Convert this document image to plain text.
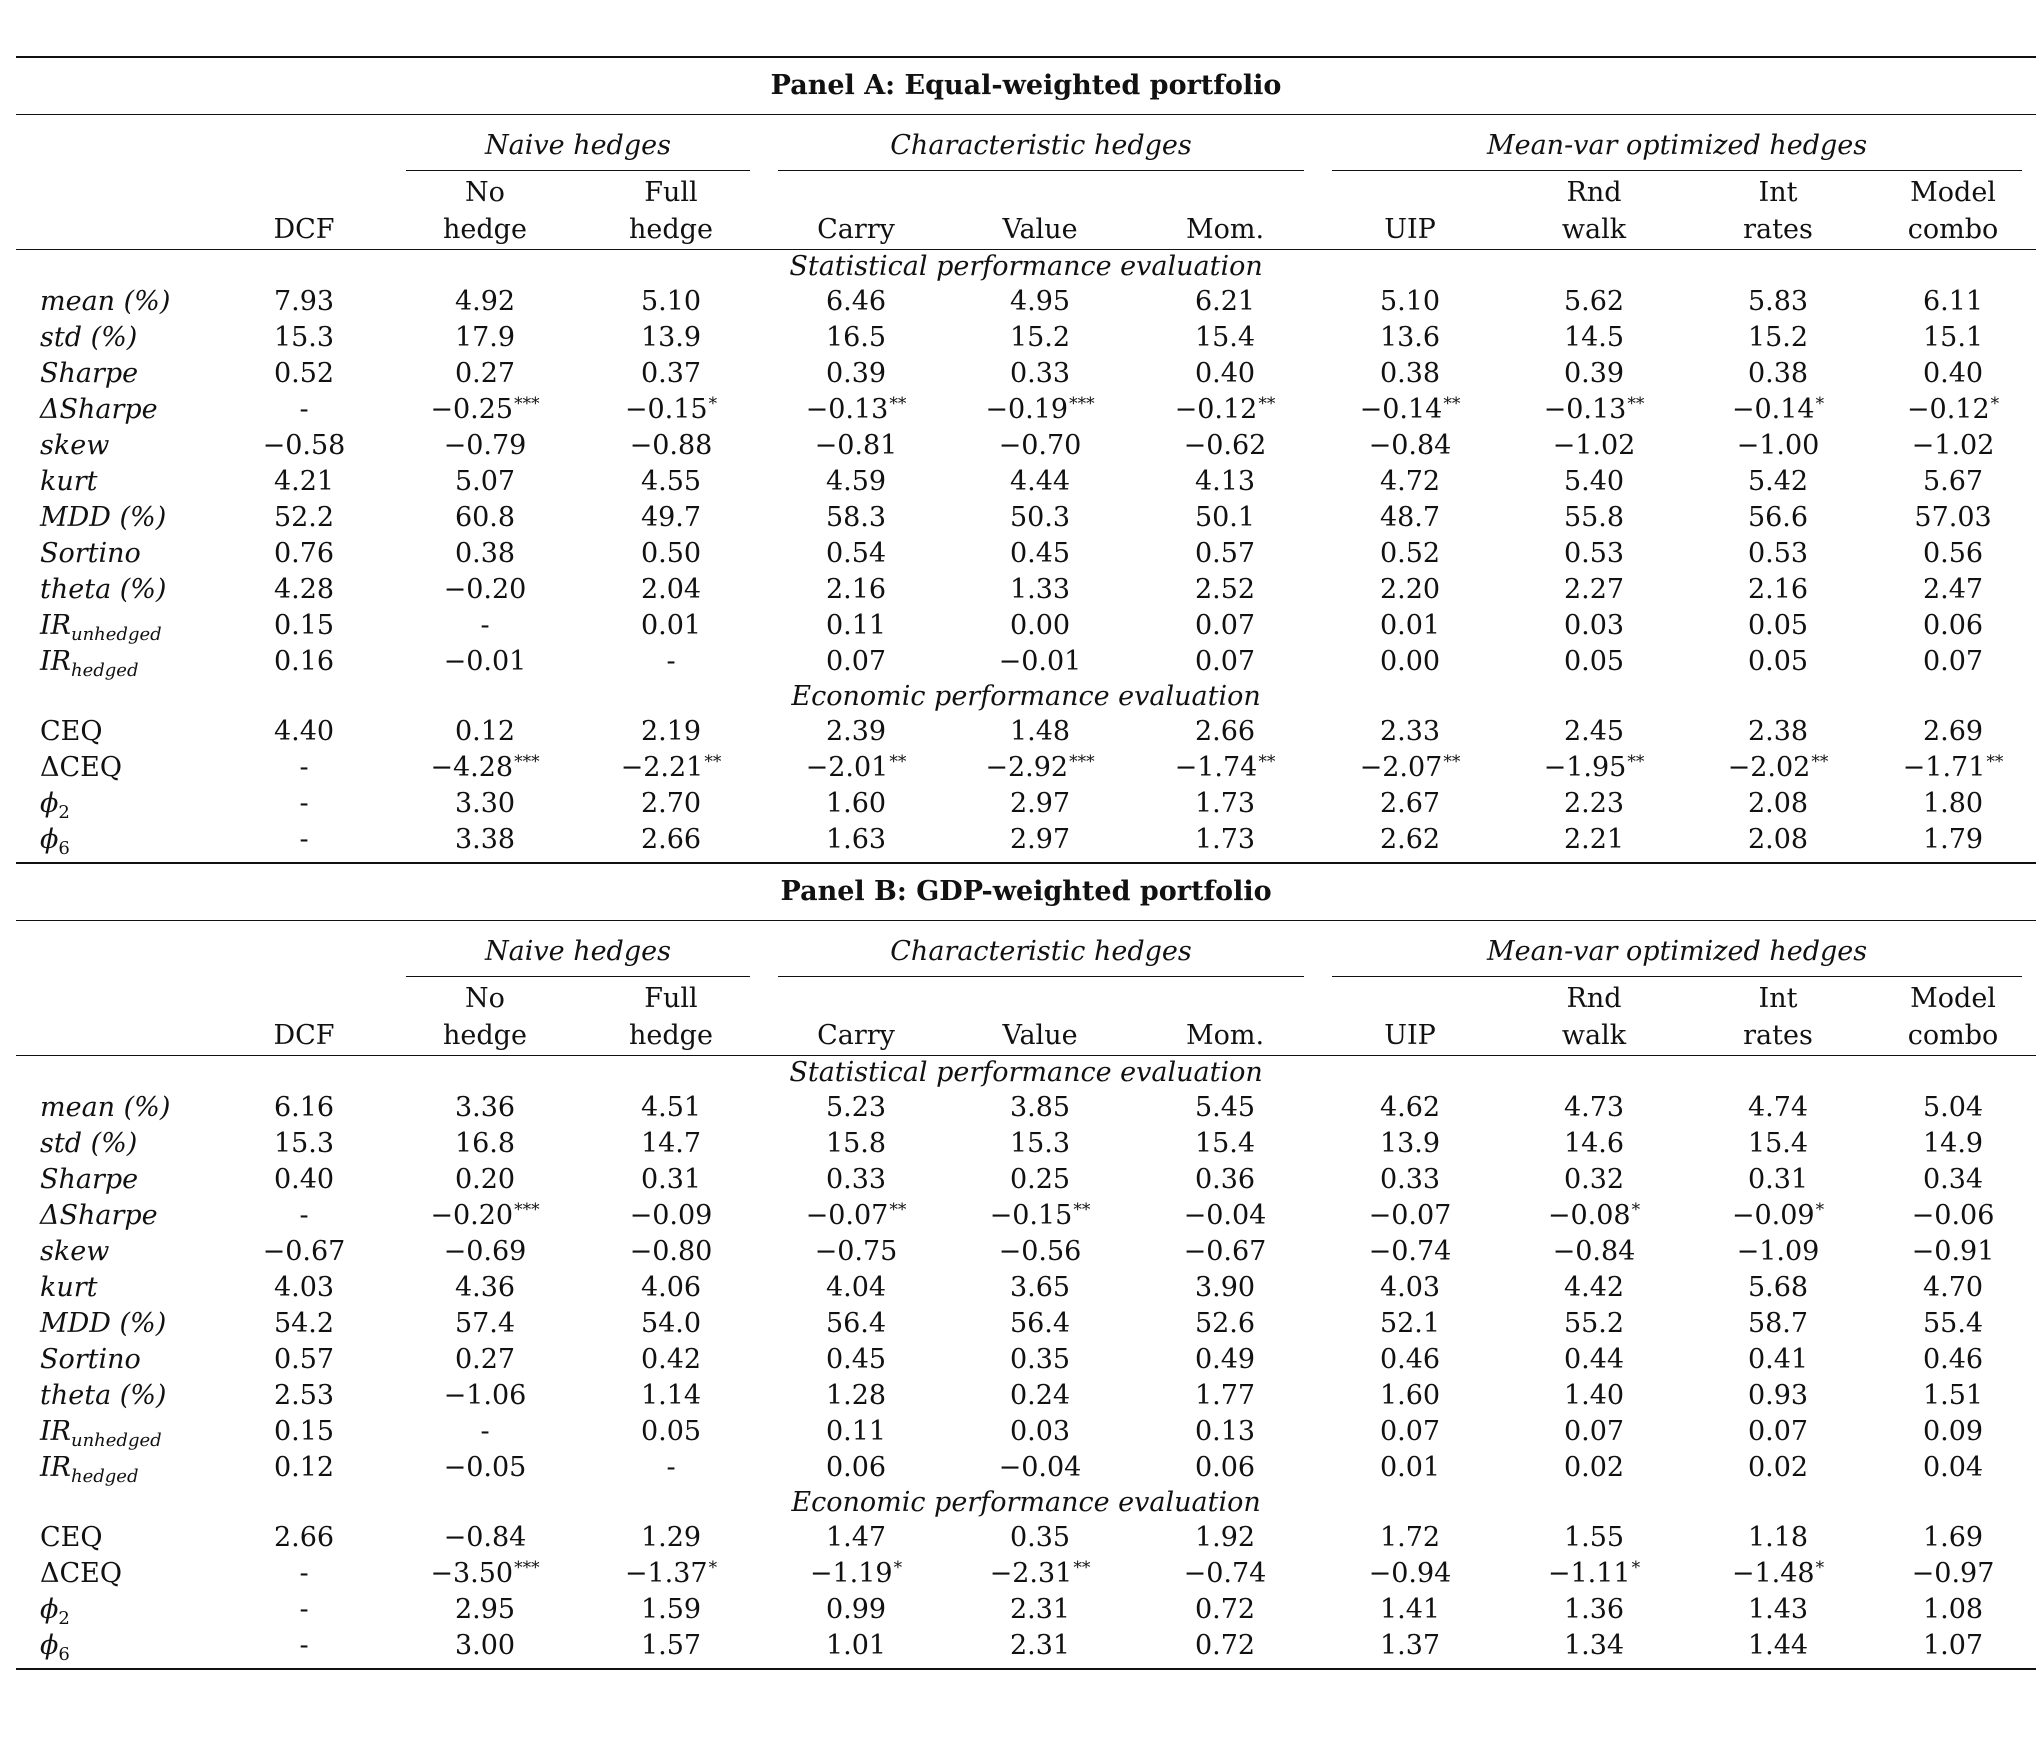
Panel A: Equal-weighted portfolio										

		Naive hedges		Characteristic hedges			Mean-var optimized hedges			

		No	Full					Rnd	Int	Model
	DCF	hedge	hedge	Carry	Value	Mom.	UIP	walk	rates	combo
Statistical performance evaluation										
mean (%)	7.93	4.92	5.10	6.46	4.95	6.21	5.10	5.62	5.83	6.11
std (%)	15.3	17.9	13.9	16.5	15.2	15.4	13.6	14.5	15.2	15.1
Sharpe	0.52	0.27	0.37	0.39	0.33	0.40	0.38	0.39	0.38	0.40
ΔSharpe	-	−0.25***	−0.15*	−0.13**	−0.19***	−0.12**	−0.14**	−0.13**	−0.14*	−0.12*
skew	−0.58	−0.79	−0.88	−0.81	−0.70	−0.62	−0.84	−1.02	−1.00	−1.02
kurt	4.21	5.07	4.55	4.59	4.44	4.13	4.72	5.40	5.42	5.67
MDD (%)	52.2	60.8	49.7	58.3	50.3	50.1	48.7	55.8	56.6	57.03
Sortino	0.76	0.38	0.50	0.54	0.45	0.57	0.52	0.53	0.53	0.56
theta (%)	4.28	−0.20	2.04	2.16	1.33	2.52	2.20	2.27	2.16	2.47
$IR_{unhedged}$	0.15	-	0.01	0.11	0.00	0.07	0.01	0.03	0.05	0.06
$IR_{hedged}$	0.16	−0.01	-	0.07	−0.01	0.07	0.00	0.05	0.05	0.07
Economic performance evaluation										
CEQ	4.40	0.12	2.19	2.39	1.48	2.66	2.33	2.45	2.38	2.69
ΔCEQ	-	−4.28***	−2.21**	−2.01**	−2.92***	−1.74**	−2.07**	−1.95**	−2.02**	−1.71**
$\phi_2$	-	3.30	2.70	1.60	2.97	1.73	2.67	2.23	2.08	1.80
$\phi_6$	-	3.38	2.66	1.63	2.97	1.73	2.62	2.21	2.08	1.79
Panel B: GDP-weighted portfolio										

		Naive hedges		Characteristic hedges			Mean-var optimized hedges			

		No	Full					Rnd	Int	Model
	DCF	hedge	hedge	Carry	Value	Mom.	UIP	walk	rates	combo
Statistical performance evaluation										
mean (%)	6.16	3.36	4.51	5.23	3.85	5.45	4.62	4.73	4.74	5.04
std (%)	15.3	16.8	14.7	15.8	15.3	15.4	13.9	14.6	15.4	14.9
Sharpe	0.40	0.20	0.31	0.33	0.25	0.36	0.33	0.32	0.31	0.34
ΔSharpe	-	−0.20***	−0.09	−0.07**	−0.15**	−0.04	−0.07	−0.08*	−0.09*	−0.06
skew	−0.67	−0.69	−0.80	−0.75	−0.56	−0.67	−0.74	−0.84	−1.09	−0.91
kurt	4.03	4.36	4.06	4.04	3.65	3.90	4.03	4.42	5.68	4.70
MDD (%)	54.2	57.4	54.0	56.4	56.4	52.6	52.1	55.2	58.7	55.4
Sortino	0.57	0.27	0.42	0.45	0.35	0.49	0.46	0.44	0.41	0.46
theta (%)	2.53	−1.06	1.14	1.28	0.24	1.77	1.60	1.40	0.93	1.51
$IR_{unhedged}$	0.15	-	0.05	0.11	0.03	0.13	0.07	0.07	0.07	0.09
$IR_{hedged}$	0.12	−0.05	-	0.06	−0.04	0.06	0.01	0.02	0.02	0.04
Economic performance evaluation										
CEQ	2.66	−0.84	1.29	1.47	0.35	1.92	1.72	1.55	1.18	1.69
ΔCEQ	-	−3.50***	−1.37*	−1.19*	−2.31**	−0.74	−0.94	−1.11*	−1.48*	−0.97
$\phi_2$	-	2.95	1.59	0.99	2.31	0.72	1.41	1.36	1.43	1.08
$\phi_6$	-	3.00	1.57	1.01	2.31	0.72	1.37	1.34	1.44	1.07
